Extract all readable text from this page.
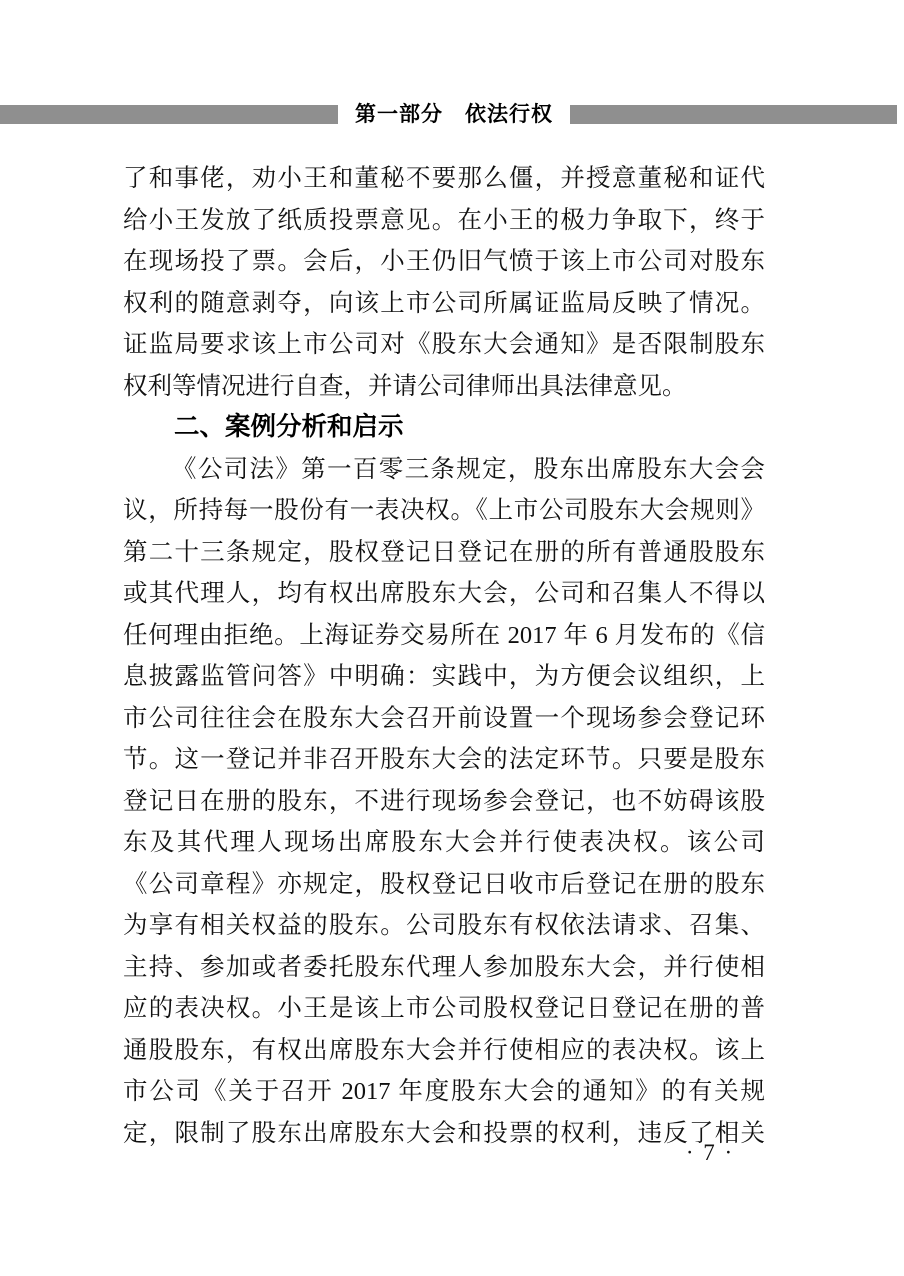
第一部分　依法行权
了和事佬，劝小王和董秘不要那么僵，并授意董秘和证代
给小王发放了纸质投票意见。在小王的极力争取下，终于
在现场投了票。会后，小王仍旧气愤于该上市公司对股东
权利的随意剥夺，向该上市公司所属证监局反映了情况。
证监局要求该上市公司对《股东大会通知》是否限制股东
权利等情况进行自查，并请公司律师出具法律意见。
二、案例分析和启示
《公司法》第一百零三条规定，股东出席股东大会会
议，所持每一股份有一表决权。《上市公司股东大会规则》
第二十三条规定，股权登记日登记在册的所有普通股股东
或其代理人，均有权出席股东大会，公司和召集人不得以
任何理由拒绝。上海证券交易所在 2017 年 6 月发布的《信
息披露监管问答》中明确：实践中，为方便会议组织，上
市公司往往会在股东大会召开前设置一个现场参会登记环
节。这一登记并非召开股东大会的法定环节。只要是股东
登记日在册的股东，不进行现场参会登记，也不妨碍该股
东及其代理人现场出席股东大会并行使表决权。该公司
《公司章程》亦规定，股权登记日收市后登记在册的股东
为享有相关权益的股东。公司股东有权依法请求、召集、
主持、参加或者委托股东代理人参加股东大会，并行使相
应的表决权。小王是该上市公司股权登记日登记在册的普
通股股东，有权出席股东大会并行使相应的表决权。该上
市公司《关于召开 2017 年度股东大会的通知》的有关规
定，限制了股东出席股东大会和投票的权利，违反了相关
· 7 ·
